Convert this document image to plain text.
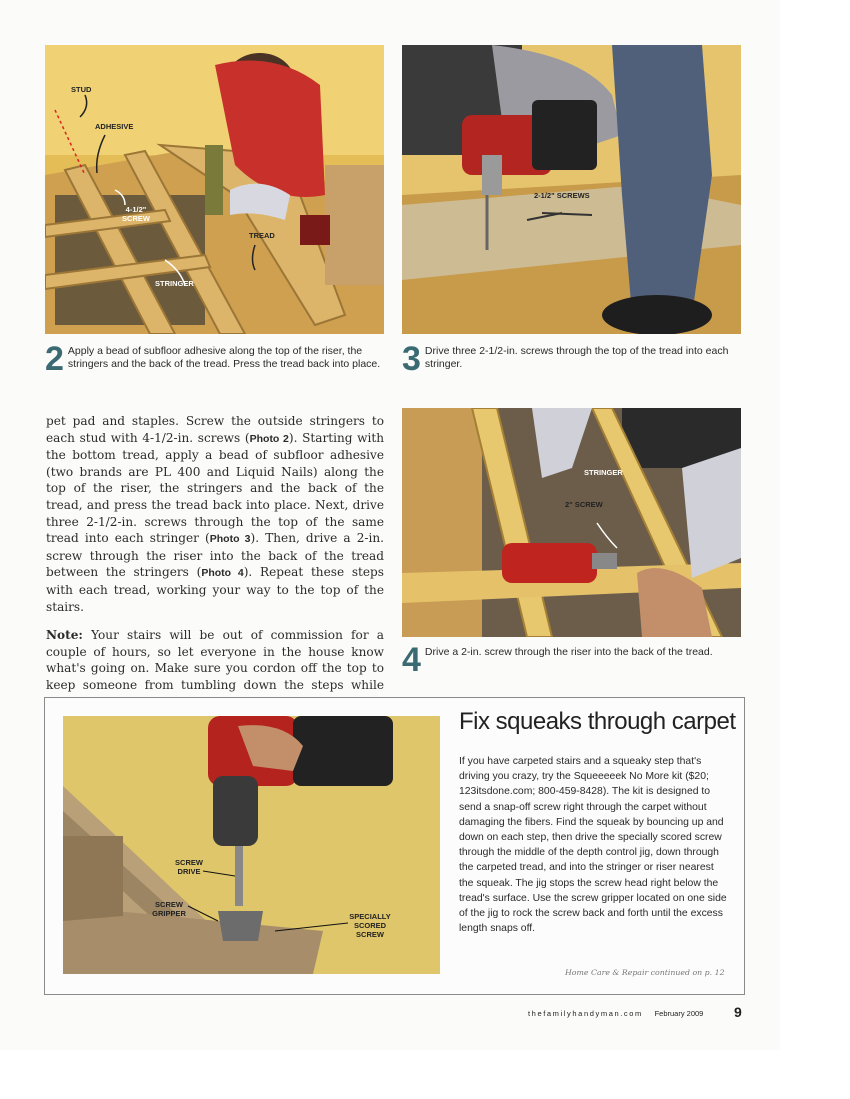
STUD
ADHESIVE
4-1/2" SCREW
TREAD
STRINGER
2-1/2" SCREWS
2 Apply a bead of subfloor adhesive along the top of the riser, the stringers and the back of the tread. Press the tread back into place. 3 Drive three 2-1/2-in. screws through the top of the tread into each stringer.

pet pad and staples. Screw the outside stringers to each stud with 4-1/2-in. screws (Photo 2). Starting with the bottom tread, apply a bead of subfloor adhesive (two brands are PL 400 and Liquid Nails) along the top of the riser, the stringers and the back of the tread, and press the tread back into place. Next, drive three 2-1/2-in. screws through the top of the same tread into each stringer (Photo 3). Then, drive a 2-in. screw through the riser into the back of the tread between the stringers (Photo 4). Repeat these steps with each tread, working your way to the top of the stairs.

Note: Your stairs will be out of commission for a couple of hours, so let everyone in the house know what's going on. Make sure you cordon off the top to keep someone from tumbling down the steps while

STRINGER
2" SCREW
4 Drive a 2-in. screw through the riser into the back of the tread.
SCREW DRIVE
SCREW GRIPPER	SPECIALLY SCORED SCREW
Fix squeaks through carpet
If you have carpeted stairs and a squeaky step that's driving you crazy, try the Squeeeeek No More kit ($20; 123itsdone.com; 800-459-8428). The kit is designed to send a snap-off screw right through the carpet without damaging the fibers. Find the squeak by bouncing up and down on each step, then drive the specially scored screw through the middle of the depth control jig, down through the carpeted tread, and into the stringer or riser nearest the squeak. The jig stops the screw head right below the tread's surface. Use the screw gripper located on one side of the jig to rock the screw back and forth until the excess length snaps off.
Home Care & Repair continued on p. 12
thefamilyhandyman.com February 2009 9
